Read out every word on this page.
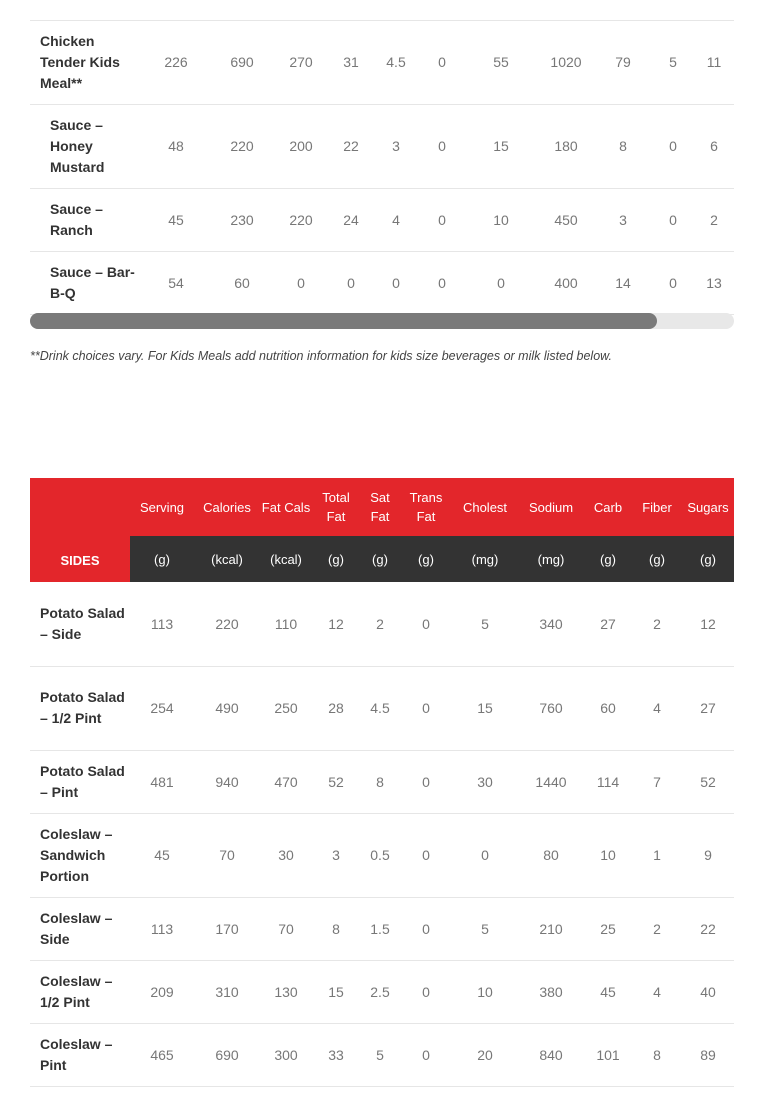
Chicken Tender Kids Meal**	226	690	270	31	4.5	0	55	1020	79	5	11
Sauce – Honey Mustard	48	220	200	22	3	0	15	180	8	0	6
Sauce – Ranch	45	230	220	24	4	0	10	450	3	0	2
Sauce – Bar-B-Q	54	60	0	0	0	0	0	400	14	0	13
**Drink choices vary. For Kids Meals add nutrition information for kids size beverages or milk listed below.
SIDES	Serving	Calories	Fat Cals	Total Fat	Sat Fat	Trans Fat	Cholest	Sodium	Carb	Fiber	Sugars
	(g)	(kcal)	(kcal)	(g)	(g)	(g)	(mg)	(mg)	(g)	(g)	(g)
Potato Salad – Side	113	220	110	12	2	0	5	340	27	2	12
Potato Salad – 1/2 Pint	254	490	250	28	4.5	0	15	760	60	4	27
Potato Salad – Pint	481	940	470	52	8	0	30	1440	114	7	52
Coleslaw – Sandwich Portion	45	70	30	3	0.5	0	0	80	10	1	9
Coleslaw – Side	113	170	70	8	1.5	0	5	210	25	2	22
Coleslaw – 1/2 Pint	209	310	130	15	2.5	0	10	380	45	4	40
Coleslaw – Pint	465	690	300	33	5	0	20	840	101	8	89
